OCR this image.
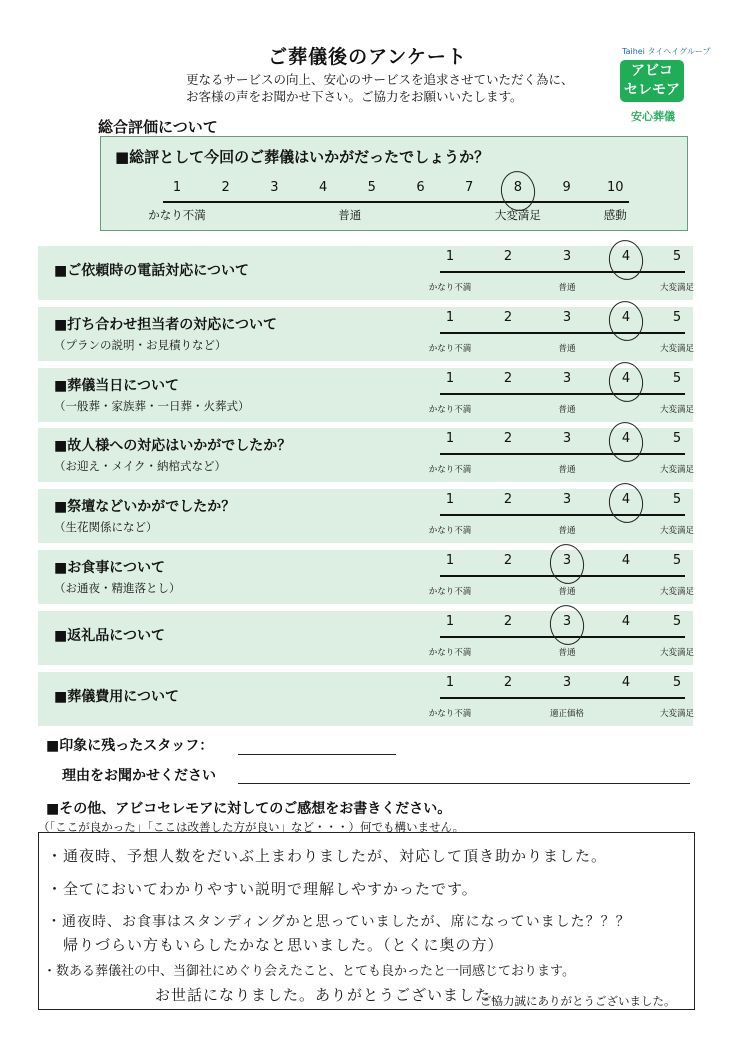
ご葬儀後のアンケート
更なるサービスの向上、安心のサービスを追求させていただく為に、
お客様の声をお聞かせ下さい。ご協力をお願いいたします。
Taihei タイヘイグループ
アビコ
セレモア
安心葬儀
総合評価について
■総評として今回のご葬儀はいかがだったでしょうか？
1	2	3	4	5	6	7	8	9	10
かなり不満	普通	大変満足	感動
■ご依頼時の電話対応について
1	2	3	4	5
かなり不満	普通	大変満足
■打ち合わせ担当者の対応について
（プランの説明・お見積りなど）
1	2	3	4	5
かなり不満	普通	大変満足
■葬儀当日について
（一般葬・家族葬・一日葬・火葬式）
1	2	3	4	5
かなり不満	普通	大変満足
■故人様への対応はいかがでしたか？
（お迎え・メイク・納棺式など）
1	2	3	4	5
かなり不満	普通	大変満足
■祭壇などいかがでしたか？
（生花関係になど）
1	2	3	4	5
かなり不満	普通	大変満足
■お食事について
（お通夜・精進落とし）
1	2	3	4	5
かなり不満	普通	大変満足
■返礼品について
1	2	3	4	5
かなり不満	普通	大変満足
■葬儀費用について
1	2	3	4	5
かなり不満	適正価格	大変満足
■印象に残ったスタッフ：
理由をお聞かせください
■その他、アビコセレモアに対してのご感想をお書きください。
（「ここが良かった」「ここは改善した方が良い」など・・・）何でも構いません。
・通夜時、予想人数をだいぶ上まわりましたが、対応して頂き助かりました。
・全てにおいてわかりやすい説明で理解しやすかったです。
・通夜時、お食事はスタンディングかと思っていましたが、席になっていました？？？
　帰りづらい方もいらしたかなと思いました。（とくに奥の方）
・数ある葬儀社の中、当御社にめぐり会えたこと、とても良かったと一同感じております。
　お世話になりました。ありがとうございました。
ご協力誠にありがとうございました。
